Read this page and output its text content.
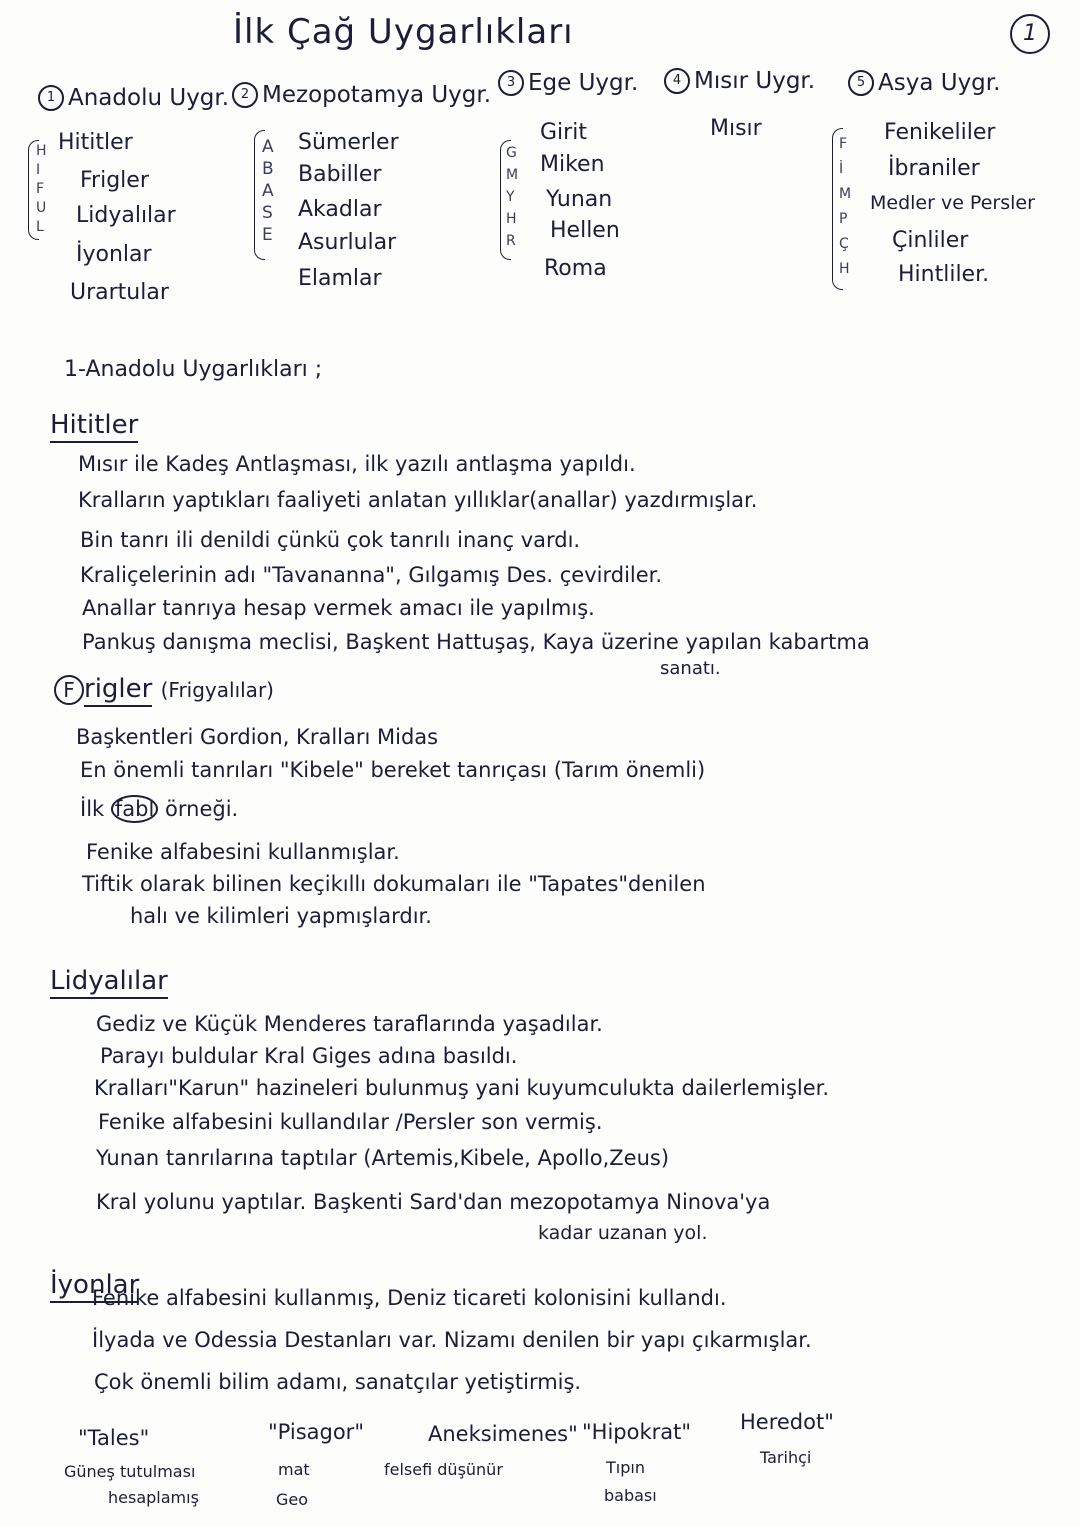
İlk Çağ Uygarlıkları	1
1 Anadolu Uygr.
H
I
F
U
L
Hititler
Frigler
Lidyalılar
İyonlar
Urartular
2 Mezopotamya Uygr.
A
B
A
S
E
Sümerler
Babiller
Akadlar
Asurlular
Elamlar
3 Ege Uygr.
G
M
Y
H
R
Girit
Miken
Yunan
Hellen
Roma
4 Mısır Uygr.
Mısır
5 Asya Uygr.
F
İ
M
P
Ç
H
Fenikeliler
İbraniler
Medler ve Persler
Çinliler
Hintliler.
1-Anadolu Uygarlıkları ;
Hititler
Mısır ile Kadeş Antlaşması, ilk yazılı antlaşma yapıldı.
Kralların yaptıkları faaliyeti anlatan yıllıklar(anallar) yazdırmışlar.
Bin tanrı ili denildi çünkü çok tanrılı inanç vardı.
Kraliçelerinin adı "Tavananna", Gılgamış Des. çevirdiler.
Anallar tanrıya hesap vermek amacı ile yapılmış.
Pankuş danışma meclisi, Başkent Hattuşaş, Kaya üzerine yapılan kabartma
sanatı.
F rigler (Frigyalılar)
Başkentleri Gordion, Kralları Midas
En önemli tanrıları "Kibele" bereket tanrıçası (Tarım önemli)
İlk fabl örneği.
Fenike alfabesini kullanmışlar.
Tiftik olarak bilinen keçikıllı dokumaları ile "Tapates"denilen
halı ve kilimleri yapmışlardır.
Lidyalılar
Gediz ve Küçük Menderes taraflarında yaşadılar.
Parayı buldular Kral Giges adına basıldı.
Kralları"Karun" hazineleri bulunmuş yani kuyumculukta dailerlemişler.
Fenike alfabesini kullandılar /Persler son vermiş.
Yunan tanrılarına taptılar (Artemis,Kibele, Apollo,Zeus)
Kral yolunu yaptılar. Başkenti Sard'dan mezopotamya Ninova'ya
kadar uzanan yol.
İyonlar
Fenike alfabesini kullanmış, Deniz ticareti kolonisini kullandı.
İlyada ve Odessia Destanları var. Nizamı denilen bir yapı çıkarmışlar.
Çok önemli bilim adamı, sanatçılar yetiştirmiş.
"Tales"
Güneş tutulması
hesaplamış
"Pisagor"
mat
Geo
Aneksimenes"
felsefi düşünür
"Hipokrat"
Tıpın
babası
Heredot"
Tarihçi
